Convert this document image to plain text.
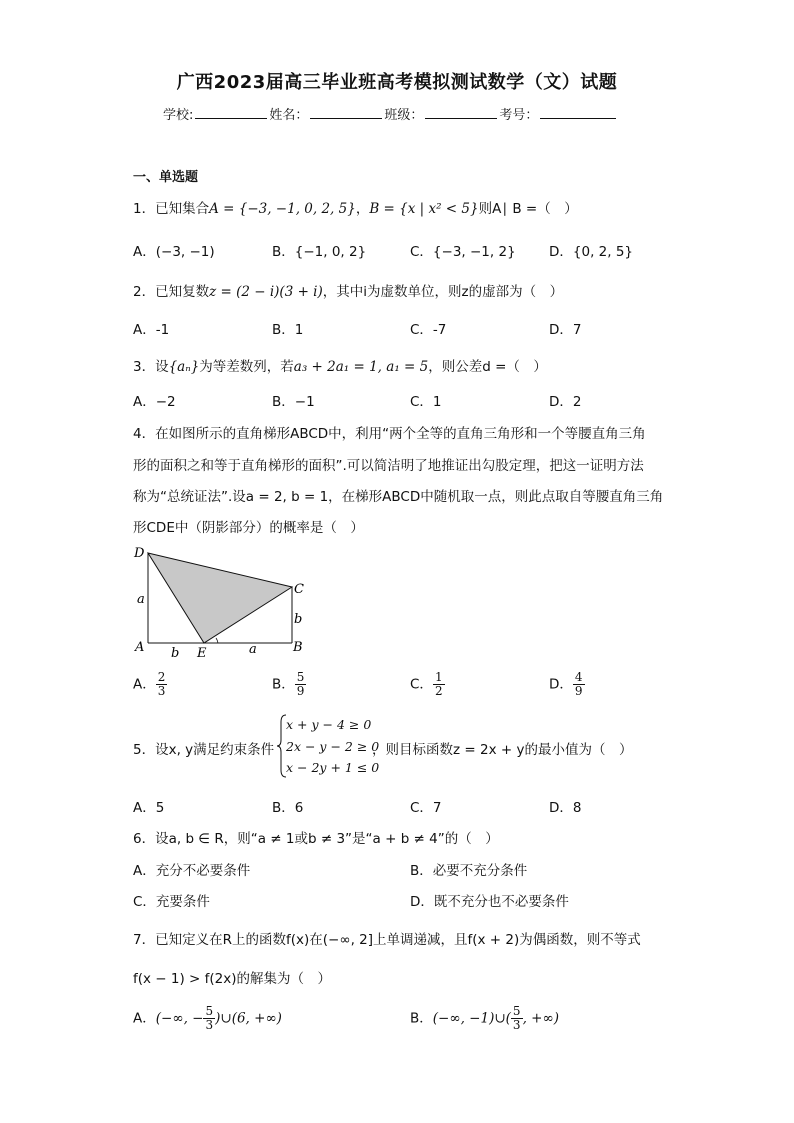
广西2023届高三毕业班高考模拟测试数学（文）试题
学校:	姓名：	班级：	考号：
一、单选题
1．已知集合A = {−3, −1, 0, 2, 5}，B = {x | x² < 5}则A∣ B =（　）
A．(−3, −1)	B．{−1, 0, 2}	C．{−3, −1, 2} D．{0, 2, 5}
2．已知复数z = (2 − i)(3 + i)，其中i为虚数单位，则z的虚部为（　）
A．-1	B．1	C．-7	D．7
3．设{aₙ}为等差数列，若a₃ + 2a₁ = 1, a₁ = 5，则公差d =（　）
A．−2	B．−1	C．1	D．2
4．在如图所示的直角梯形ABCD中，利用“两个全等的直角三角形和一个等腰直角三角
形的面积之和等于直角梯形的面积”.可以简洁明了地推证出勾股定理，把这一证明方法
称为“总统证法”.设a = 2, b = 1，在梯形ABCD中随机取一点，则此点取自等腰直角三角
形CDE中（阴影部分）的概率是（　）
D
C
A	B
E
a
b
b	a
A． $\frac{2}{3}$	B． $\frac{5}{9}$	C． $\frac{1}{2}$	D． $\frac{4}{9}$
5．设x, y满足约束条件
x + y − 4 ≥ 0
2x − y − 2 ≥ 0
x − 2y + 1 ≤ 0
，则目标函数z = 2x + y的最小值为（　）
A．5	B．6	C．7	D．8
6．设a, b ∈ R，则“a ≠ 1或b ≠ 3”是“a + b ≠ 4”的（　）
A．充分不必要条件	B．必要不充分条件
C．充要条件	D．既不充分也不必要条件
7．已知定义在R上的函数f(x)在(−∞, 2]上单调递减，且f(x + 2)为偶函数，则不等式
f(x − 1) > f(2x)的解集为（　）
A．(−∞, − $\frac{5}{3}$ )∪(6, +∞)	B．(−∞, −1)∪( $\frac{5}{3}$ , +∞)
